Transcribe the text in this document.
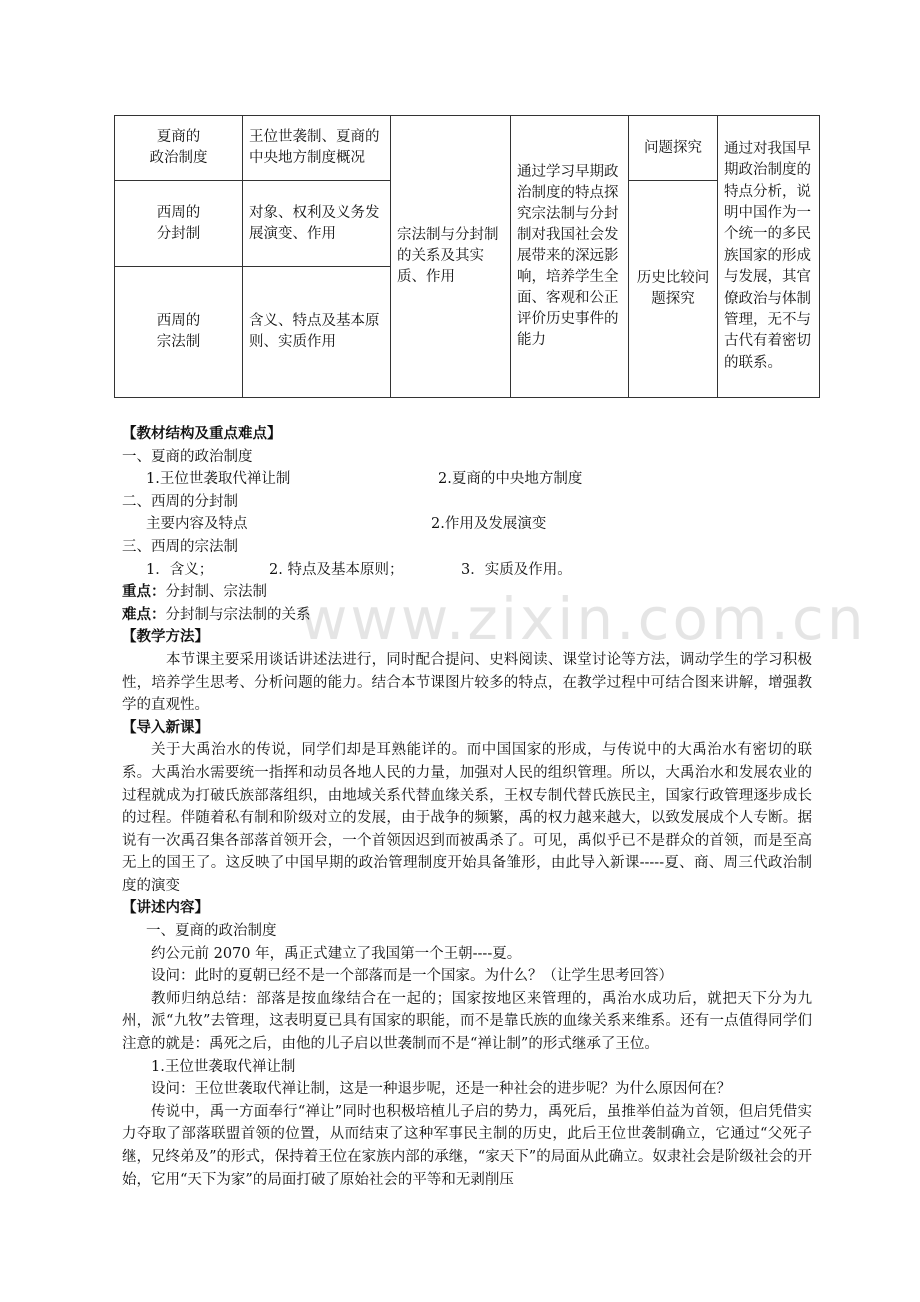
夏商的
政治制度	王位世袭制、夏商的中央地方制度概况	宗法制与分封制的关系及其实质、作用	通过学习早期政治制度的特点探究宗法制与分封制对我国社会发展带来的深远影响，培养学生全面、客观和公正评价历史事件的能力	问题探究	通过对我国早期政治制度的特点分析，说明中国作为一个统一的多民族国家的形成与发展，其官僚政治与体制管理，无不与古代有着密切的联系。
西周的
分封制	对象、权利及义务发展演变、作用			历史比较问题探究	
西周的
宗法制	含义、特点及基本原则、实质作用				
www.zixin.com.cn

【教材结构及重点难点】

一、夏商的政治制度

1.王位世袭取代禅让制	2.夏商的中央地方制度

二、西周的分封制

主要内容及特点	2.作用及发展演变

三、西周的宗法制

1．含义；	2. 特点及基本原则；	3．实质及作用。

重点：分封制、宗法制

难点：分封制与宗法制的关系

【教学方法】

本节课主要采用谈话讲述法进行，同时配合提问、史料阅读、课堂讨论等方法，调动学生的学习积极性，培养学生思考、分析问题的能力。结合本节课图片较多的特点，在教学过程中可结合图来讲解，增强教学的直观性。

【导入新课】

关于大禹治水的传说，同学们却是耳熟能详的。而中国国家的形成，与传说中的大禹治水有密切的联系。大禹治水需要统一指挥和动员各地人民的力量，加强对人民的组织管理。所以，大禹治水和发展农业的过程就成为打破氏族部落组织，由地域关系代替血缘关系，王权专制代替氏族民主，国家行政管理逐步成长的过程。伴随着私有制和阶级对立的发展，由于战争的频繁，禹的权力越来越大，以致发展成个人专断。据说有一次禹召集各部落首领开会，一个首领因迟到而被禹杀了。可见，禹似乎已不是群众的首领，而是至高无上的国王了。这反映了中国早期的政治管理制度开始具备雏形，由此导入新课-----夏、商、周三代政治制度的演变

【讲述内容】

一、夏商的政治制度

约公元前 2070 年，禹正式建立了我国第一个王朝----夏。

设问：此时的夏朝已经不是一个部落而是一个国家。为什么？（让学生思考回答）

教师归纳总结：部落是按血缘结合在一起的；国家按地区来管理的，禹治水成功后，就把天下分为九州，派“九牧”去管理，这表明夏已具有国家的职能，而不是靠氏族的血缘关系来维系。还有一点值得同学们注意的就是：禹死之后，由他的儿子启以世袭制而不是“禅让制”的形式继承了王位。

1.王位世袭取代禅让制

设问：王位世袭取代禅让制，这是一种退步呢，还是一种社会的进步呢？为什么原因何在？

传说中，禹一方面奉行“禅让”同时也积极培植儿子启的势力，禹死后，虽推举伯益为首领，但启凭借实力夺取了部落联盟首领的位置，从而结束了这种军事民主制的历史，此后王位世袭制确立，它通过“父死子继，兄终弟及”的形式，保持着王位在家族内部的承继，“家天下”的局面从此确立。奴隶社会是阶级社会的开始，它用“天下为家”的局面打破了原始社会的平等和无剥削压
